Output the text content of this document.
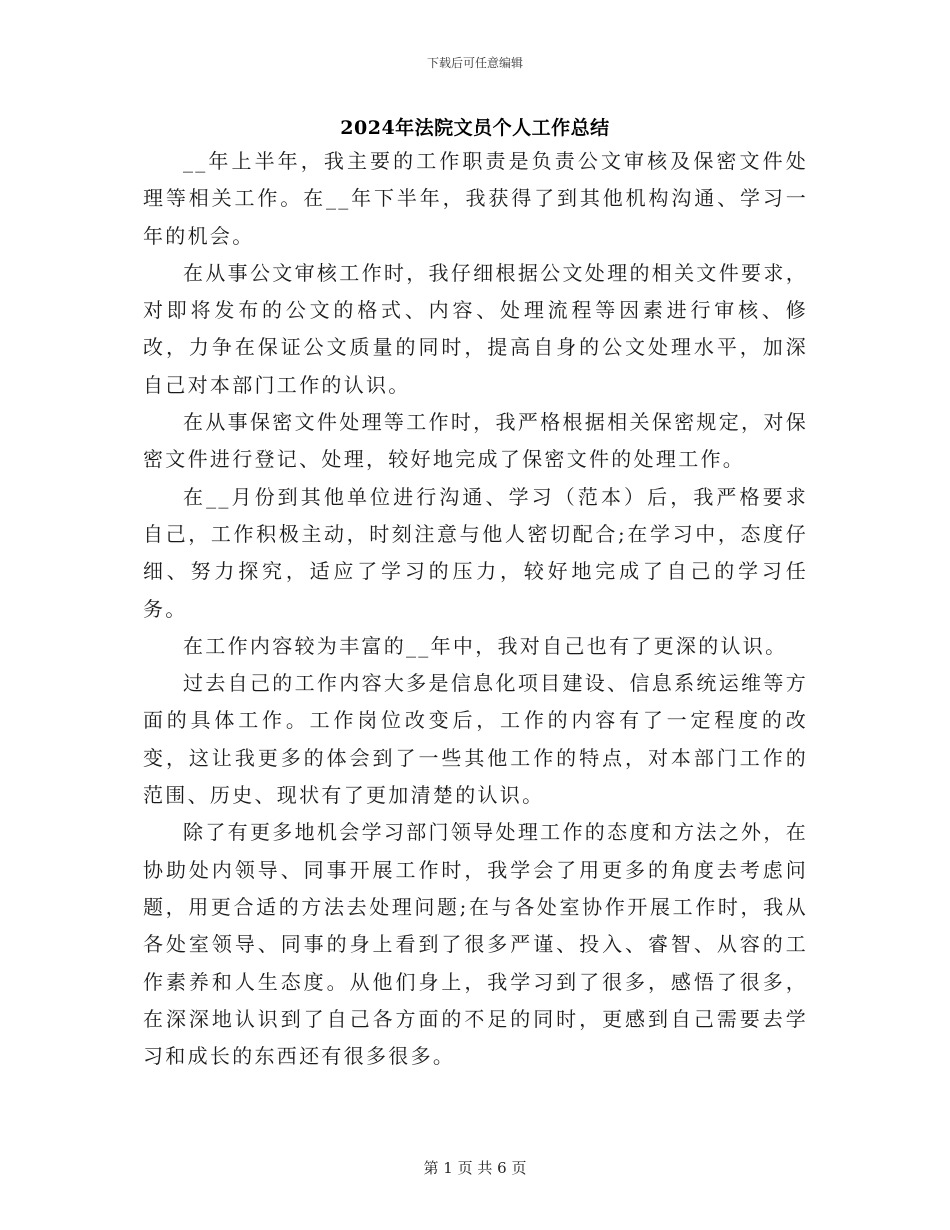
下载后可任意编辑
2024年法院文员个人工作总结

__年上半年，我主要的工作职责是负责公文审核及保密文件处理等相关工作。在__年下半年，我获得了到其他机构沟通、学习一年的机会。

在从事公文审核工作时，我仔细根据公文处理的相关文件要求，对即将发布的公文的格式、内容、处理流程等因素进行审核、修改，力争在保证公文质量的同时，提高自身的公文处理水平，加深自己对本部门工作的认识。

在从事保密文件处理等工作时，我严格根据相关保密规定，对保密文件进行登记、处理，较好地完成了保密文件的处理工作。

在__月份到其他单位进行沟通、学习（范本）后，我严格要求自己，工作积极主动，时刻注意与他人密切配合;在学习中，态度仔细、努力探究，适应了学习的压力，较好地完成了自己的学习任务。

在工作内容较为丰富的__年中，我对自己也有了更深的认识。

过去自己的工作内容大多是信息化项目建设、信息系统运维等方面的具体工作。工作岗位改变后，工作的内容有了一定程度的改变，这让我更多的体会到了一些其他工作的特点，对本部门工作的范围、历史、现状有了更加清楚的认识。

除了有更多地机会学习部门领导处理工作的态度和方法之外，在协助处内领导、同事开展工作时，我学会了用更多的角度去考虑问题，用更合适的方法去处理问题;在与各处室协作开展工作时，我从各处室领导、同事的身上看到了很多严谨、投入、睿智、从容的工作素养和人生态度。从他们身上，我学习到了很多，感悟了很多，在深深地认识到了自己各方面的不足的同时，更感到自己需要去学习和成长的东西还有很多很多。

第 1 页 共 6 页
